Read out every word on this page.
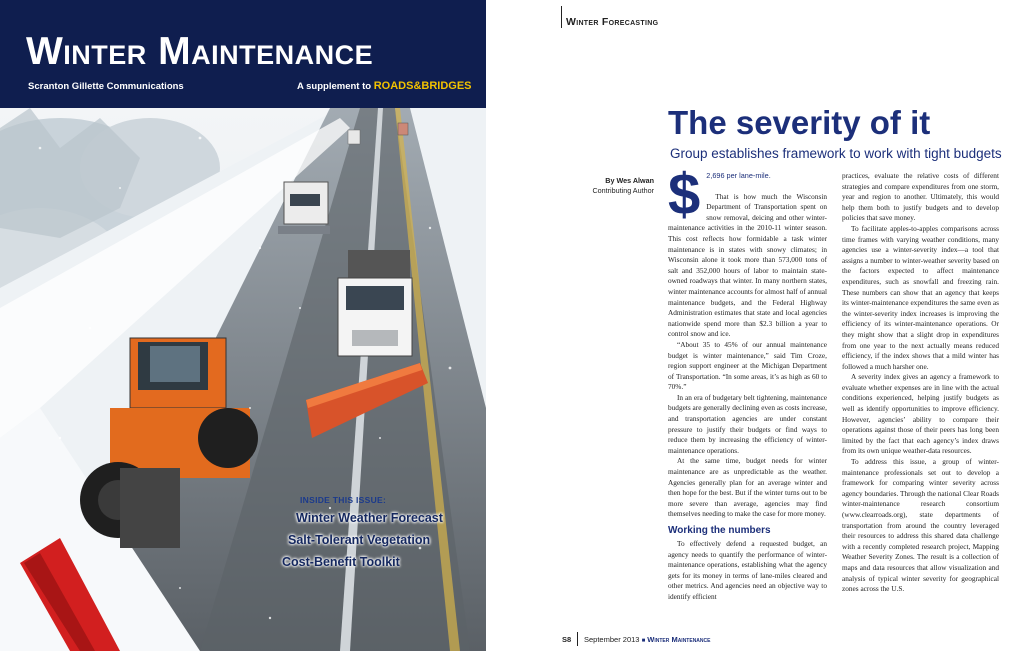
Winter Maintenance
Scranton Gillette Communications	A supplement to ROADS&BRIDGES
INSIDE THIS ISSUE:
Winter Weather Forecast
Salt-Tolerant Vegetation
Cost-Benefit Toolkit
Winter Forecasting
The severity of it
Group establishes framework to work with tight budgets
By Wes Alwan
Contributing Author $ 2,696 per lane-mile.

That is how much the Wisconsin Department of Transportation spent on snow removal, deicing and other winter-maintenance activities in the 2010-11 winter season. This cost reflects how formidable a task winter maintenance is in states with snowy climates; in Wisconsin alone it took more than 573,000 tons of salt and 352,000 hours of labor to maintain state-owned roadways that winter. In many northern states, winter maintenance accounts for almost half of annual maintenance budgets, and the Federal Highway Administration estimates that state and local agencies nationwide spend more than $2.3 billion a year to control snow and ice.

“About 35 to 45% of our annual maintenance budget is winter maintenance,” said Tim Croze, region support engineer at the Michigan Department of Transportation. “In some areas, it’s as high as 60 to 70%.”

In an era of budgetary belt tightening, maintenance budgets are generally declining even as costs increase, and transportation agencies are under constant pressure to justify their budgets or find ways to reduce them by increasing the efficiency of winter-maintenance operations.

At the same time, budget needs for winter maintenance are as unpredictable as the weather. Agencies generally plan for an average winter and then hope for the best. But if the winter turns out to be more severe than average, agencies may find themselves needing to make the case for more money.

Working the numbers

To effectively defend a requested budget, an agency needs to quantify the performance of winter-maintenance operations, establishing what the agency gets for its money in terms of lane-miles cleared and other metrics. And agencies need an objective way to identify efficient

practices, evaluate the relative costs of different strategies and compare expenditures from one storm, year and region to another. Ultimately, this would help them both to justify budgets and to develop policies that save money.

To facilitate apples-to-apples comparisons across time frames with varying weather conditions, many agencies use a winter-severity index—a tool that assigns a number to winter-weather severity based on the factors expected to affect maintenance expenditures, such as snowfall and freezing rain. These numbers can show that an agency that keeps its winter-maintenance expenditures the same even as the winter-severity index increases is improving the efficiency of its winter-maintenance operations. Or they might show that a slight drop in expenditures from one year to the next actually means reduced efficiency, if the index shows that a mild winter has followed a much harsher one.

A severity index gives an agency a framework to evaluate whether expenses are in line with the actual conditions experienced, helping justify budgets as well as identify opportunities to improve efficiency. However, agencies’ ability to compare their operations against those of their peers has long been limited by the fact that each agency’s index draws from its own unique weather-data resources.

To address this issue, a group of winter-maintenance professionals set out to develop a framework for comparing winter severity across agency boundaries. Through the national Clear Roads winter-maintenance research consortium (www.clearroads.org), state departments of transportation from around the country leveraged their resources to address this shared data challenge with a recently completed research project, Mapping Weather Severity Zones. The result is a collection of maps and data resources that allow visualization and analysis of typical winter severity for geographical zones across the U.S.

S8 September 2013 ■ Winter Maintenance
